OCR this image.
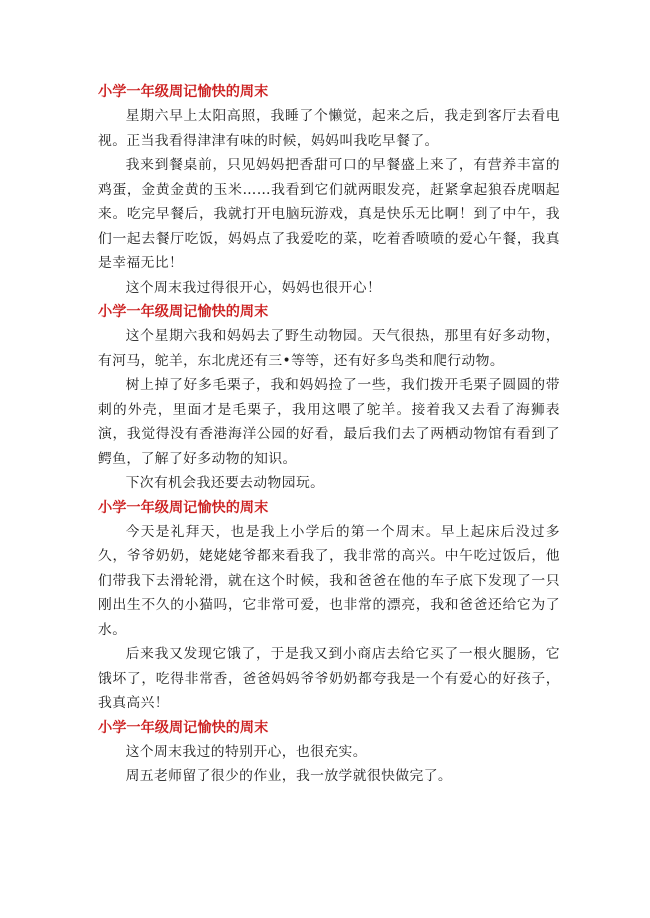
小学一年级周记愉快的周末

星期六早上太阳高照，我睡了个懒觉，起来之后，我走到客厅去看电视。正当我看得津津有味的时候，妈妈叫我吃早餐了。

我来到餐桌前，只见妈妈把香甜可口的早餐盛上来了，有营养丰富的鸡蛋，金黄金黄的玉米……我看到它们就两眼发亮，赶紧拿起狼吞虎咽起来。吃完早餐后，我就打开电脑玩游戏，真是快乐无比啊！到了中午，我们一起去餐厅吃饭，妈妈点了我爱吃的菜，吃着香喷喷的爱心午餐，我真是幸福无比！

这个周末我过得很开心，妈妈也很开心！

小学一年级周记愉快的周末

这个星期六我和妈妈去了野生动物园。天气很热，那里有好多动物，有河马，鸵羊，东北虎还有三•等等，还有好多鸟类和爬行动物。

树上掉了好多毛栗子，我和妈妈捡了一些，我们拨开毛栗子圆圆的带刺的外壳，里面才是毛栗子，我用这喂了鸵羊。接着我又去看了海狮表演，我觉得没有香港海洋公园的好看，最后我们去了两栖动物馆有看到了鳄鱼，了解了好多动物的知识。

下次有机会我还要去动物园玩。

小学一年级周记愉快的周末

今天是礼拜天，也是我上小学后的第一个周末。早上起床后没过多久，爷爷奶奶，姥姥姥爷都来看我了，我非常的高兴。中午吃过饭后，他们带我下去滑轮滑，就在这个时候，我和爸爸在他的车子底下发现了一只刚出生不久的小猫吗，它非常可爱，也非常的漂亮，我和爸爸还给它为了水。

后来我又发现它饿了，于是我又到小商店去给它买了一根火腿肠，它饿坏了，吃得非常香，爸爸妈妈爷爷奶奶都夸我是一个有爱心的好孩子，我真高兴！

小学一年级周记愉快的周末

这个周末我过的特别开心，也很充实。

周五老师留了很少的作业，我一放学就很快做完了。
